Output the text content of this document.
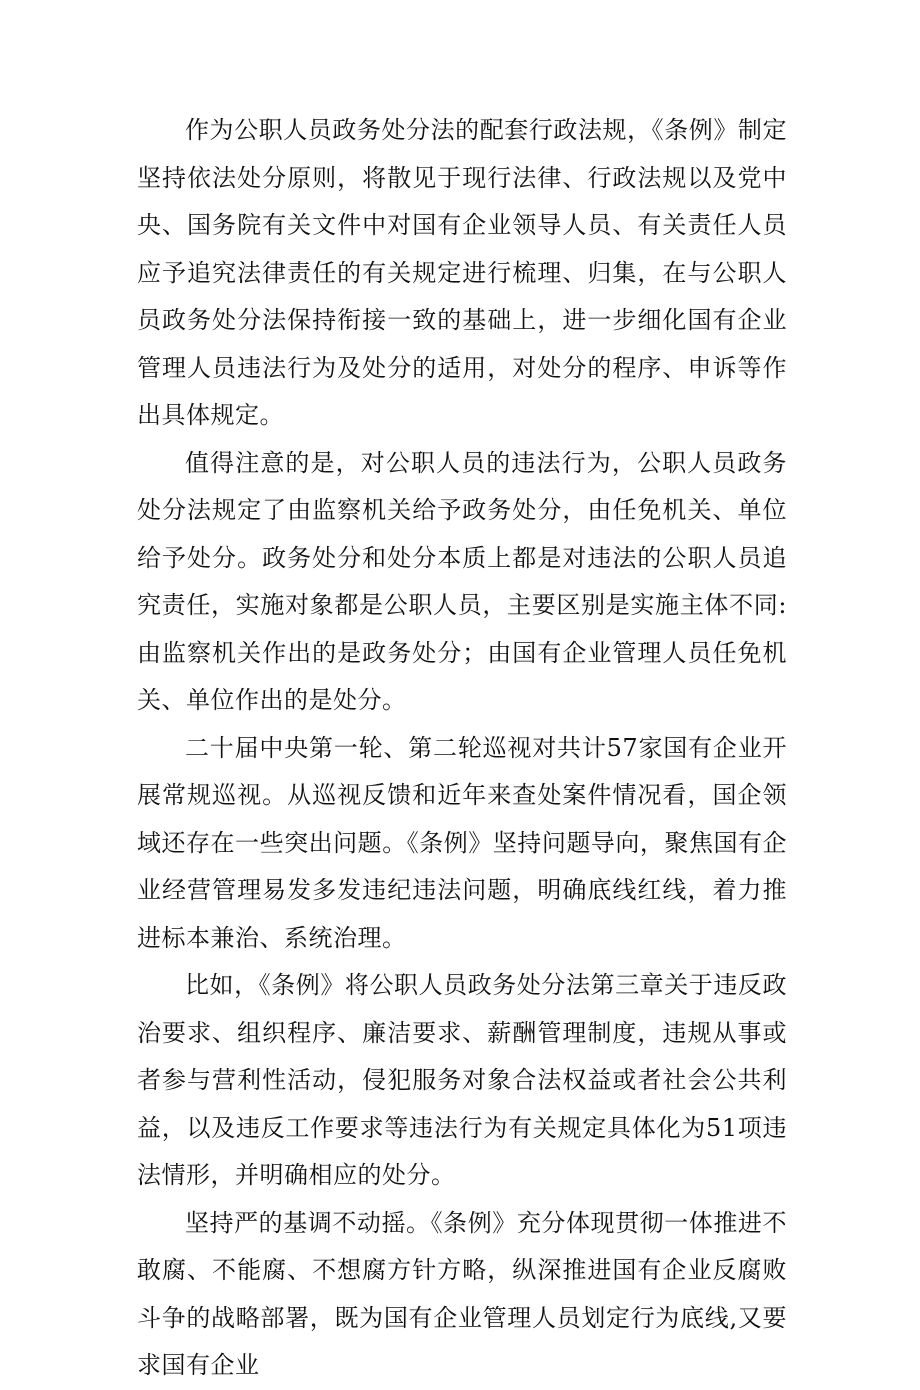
作为公职人员政务处分法的配套行政法规，《条例》制定坚持依法处分原则，将散见于现行法律、行政法规以及党中央、国务院有关文件中对国有企业领导人员、有关责任人员应予追究法律责任的有关规定进行梳理、归集，在与公职人员政务处分法保持衔接一致的基础上，进一步细化国有企业管理人员违法行为及处分的适用，对处分的程序、申诉等作出具体规定。

值得注意的是，对公职人员的违法行为，公职人员政务处分法规定了由监察机关给予政务处分，由任免机关、单位给予处分。政务处分和处分本质上都是对违法的公职人员追究责任，实施对象都是公职人员，主要区别是实施主体不同:由监察机关作出的是政务处分；由国有企业管理人员任免机关、单位作出的是处分。

二十届中央第一轮、第二轮巡视对共计57家国有企业开展常规巡视。从巡视反馈和近年来查处案件情况看，国企领域还存在一些突出问题。《条例》坚持问题导向，聚焦国有企业经营管理易发多发违纪违法问题，明确底线红线，着力推进标本兼治、系统治理。

比如，《条例》将公职人员政务处分法第三章关于违反政治要求、组织程序、廉洁要求、薪酬管理制度，违规从事或者参与营利性活动，侵犯服务对象合法权益或者社会公共利益，以及违反工作要求等违法行为有关规定具体化为51项违法情形，并明确相应的处分。

坚持严的基调不动摇。《条例》充分体现贯彻一体推进不敢腐、不能腐、不想腐方针方略，纵深推进国有企业反腐败斗争的战略部署，既为国有企业管理人员划定行为底线,又要求国有企业
